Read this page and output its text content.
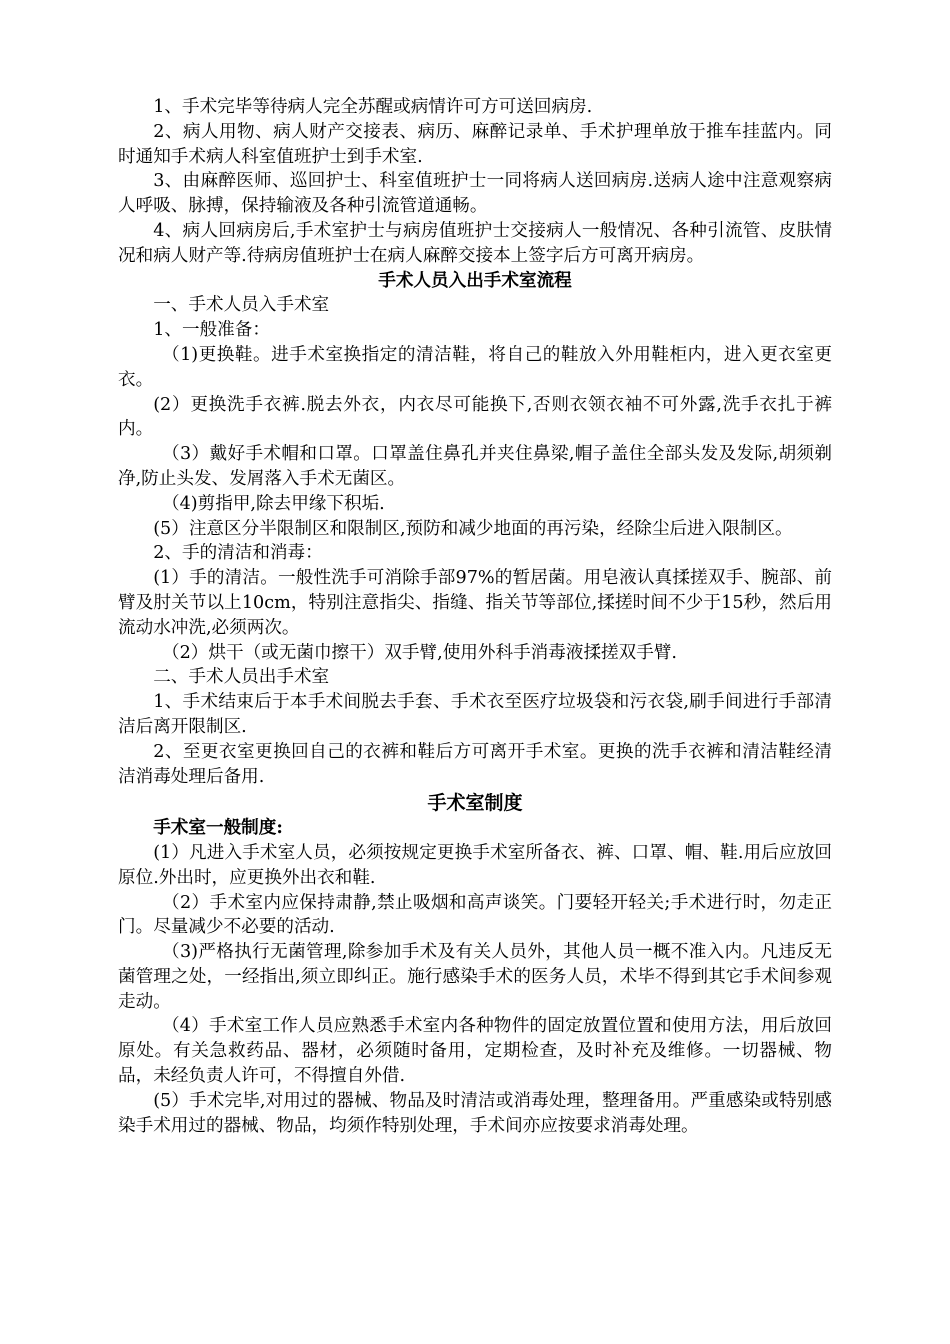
1、手术完毕等待病人完全苏醒或病情许可方可送回病房.

2、病人用物、病人财产交接表、病历、麻醉记录单、手术护理单放于推车挂蓝内。同时通知手术病人科室值班护士到手术室.

3、由麻醉医师、巡回护士、科室值班护士一同将病人送回病房.送病人途中注意观察病人呼吸、脉搏，保持输液及各种引流管道通畅。

4、病人回病房后,手术室护士与病房值班护士交接病人一般情况、各种引流管、皮肤情况和病人财产等.待病房值班护士在病人麻醉交接本上签字后方可离开病房。

手术人员入出手术室流程

一、手术人员入手术室

1、一般准备：

（1)更换鞋。进手术室换指定的清洁鞋，将自己的鞋放入外用鞋柜内，进入更衣室更衣。

(2）更换洗手衣裤.脱去外衣，内衣尽可能换下,否则衣领衣袖不可外露,洗手衣扎于裤内。

（3）戴好手术帽和口罩。口罩盖住鼻孔并夹住鼻梁,帽子盖住全部头发及发际,胡须剃净,防止头发、发屑落入手术无菌区。

（4)剪指甲,除去甲缘下积垢.

(5）注意区分半限制区和限制区,预防和减少地面的再污染，经除尘后进入限制区。

2、手的清洁和消毒：

(1）手的清洁。一般性洗手可消除手部97%的暂居菌。用皂液认真揉搓双手、腕部、前臂及肘关节以上10cm，特别注意指尖、指缝、指关节等部位,揉搓时间不少于15秒，然后用流动水冲洗,必须两次。

（2）烘干（或无菌巾擦干）双手臂,使用外科手消毒液揉搓双手臂.

二、手术人员出手术室

1、手术结束后于本手术间脱去手套、手术衣至医疗垃圾袋和污衣袋,刷手间进行手部清洁后离开限制区.

2、至更衣室更换回自己的衣裤和鞋后方可离开手术室。更换的洗手衣裤和清洁鞋经清洁消毒处理后备用.

手术室制度

手术室一般制度:

(1）凡进入手术室人员，必须按规定更换手术室所备衣、裤、口罩、帽、鞋.用后应放回原位.外出时，应更换外出衣和鞋.

（2）手术室内应保持肃静,禁止吸烟和高声谈笑。门要轻开轻关;手术进行时，勿走正门。尽量减少不必要的活动.

（3)严格执行无菌管理,除参加手术及有关人员外，其他人员一概不准入内。凡违反无菌管理之处，一经指出,须立即纠正。施行感染手术的医务人员，术毕不得到其它手术间参观走动。

（4）手术室工作人员应熟悉手术室内各种物件的固定放置位置和使用方法，用后放回原处。有关急救药品、器材，必须随时备用，定期检查，及时补充及维修。一切器械、物品，未经负责人许可，不得擅自外借.

(5）手术完毕,对用过的器械、物品及时清洁或消毒处理，整理备用。严重感染或特别感染手术用过的器械、物品，均须作特别处理，手术间亦应按要求消毒处理。
